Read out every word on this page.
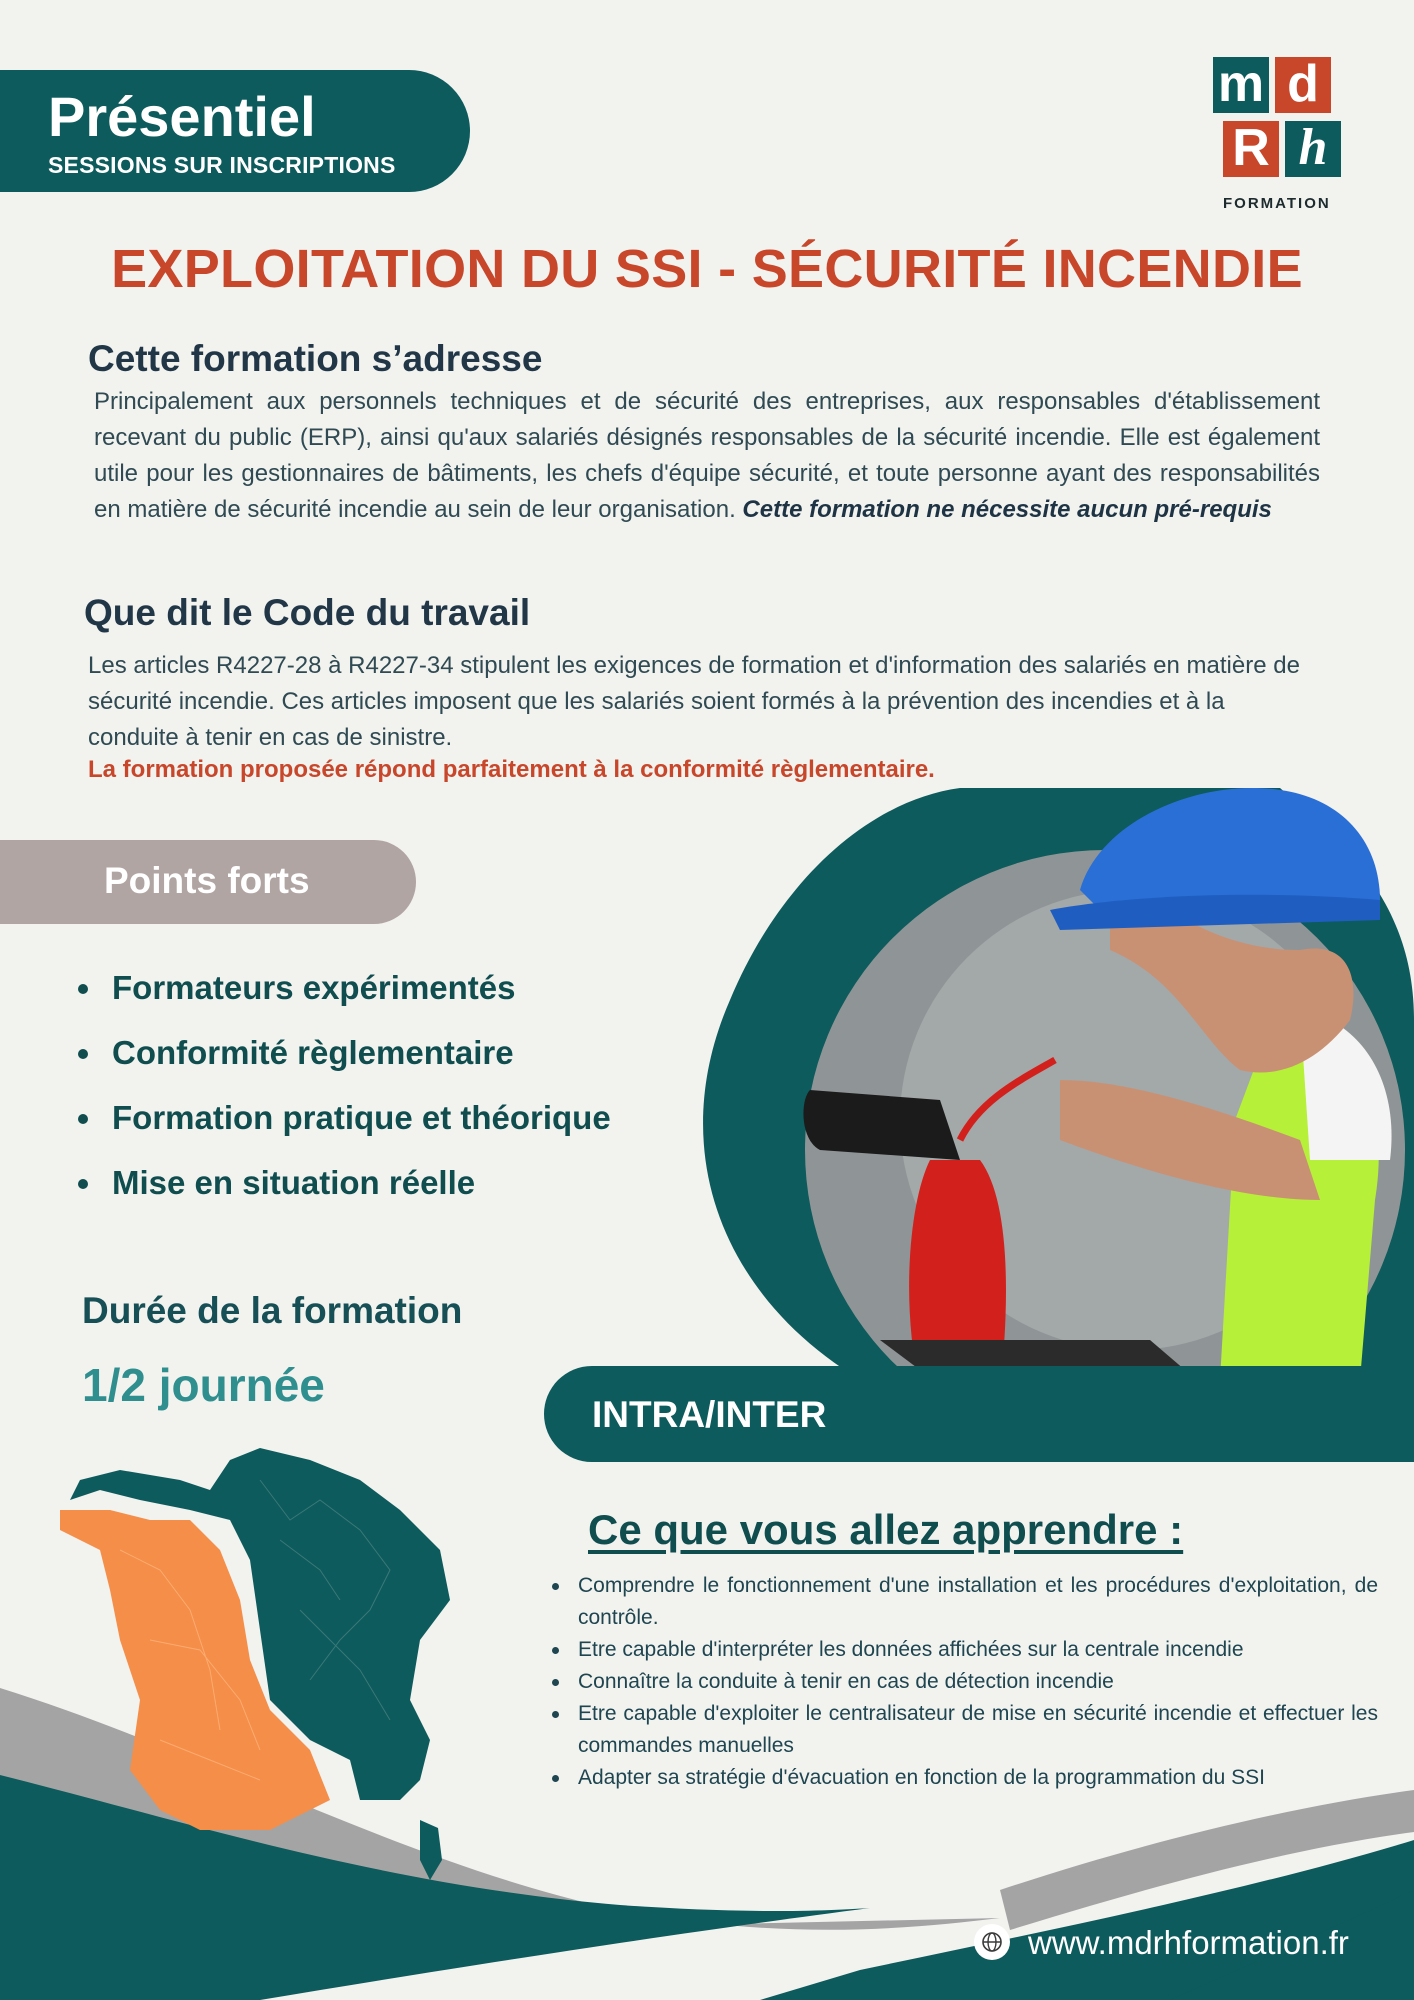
Présentiel
SESSIONS SUR INSCRIPTIONS
m d
R h
FORMATION
EXPLOITATION DU SSI - SÉCURITÉ INCENDIE
Cette formation s’adresse
Principalement aux personnels techniques et de sécurité des entreprises, aux responsables d'établissement recevant du public (ERP), ainsi qu'aux salariés désignés responsables de la sécurité incendie. Elle est également utile pour les gestionnaires de bâtiments, les chefs d'équipe sécurité, et toute personne ayant des responsabilités en matière de sécurité incendie au sein de leur organisation. Cette formation ne nécessite aucun pré-requis
Que dit le Code du travail
Les articles R4227-28 à R4227-34 stipulent les exigences de formation et d'information des salariés en matière de sécurité incendie. Ces articles imposent que les salariés soient formés à la prévention des incendies et à la conduite à tenir en cas de sinistre.
La formation proposée répond parfaitement à la conformité règlementaire.
Points forts
Formateurs expérimentés
Conformité règlementaire
Formation pratique et théorique
Mise en situation réelle
Durée de la formation
1/2 journée
INTRA/INTER
Ce que vous allez apprendre :
Comprendre le fonctionnement d'une installation et les procédures d'exploitation, de contrôle.
Etre capable d'interpréter les données affichées sur la centrale incendie
Connaître la conduite à tenir en cas de détection incendie
Etre capable d'exploiter le centralisateur de mise en sécurité incendie et effectuer les commandes manuelles
Adapter sa stratégie d'évacuation en fonction de la programmation du SSI
www.mdrhformation.fr
